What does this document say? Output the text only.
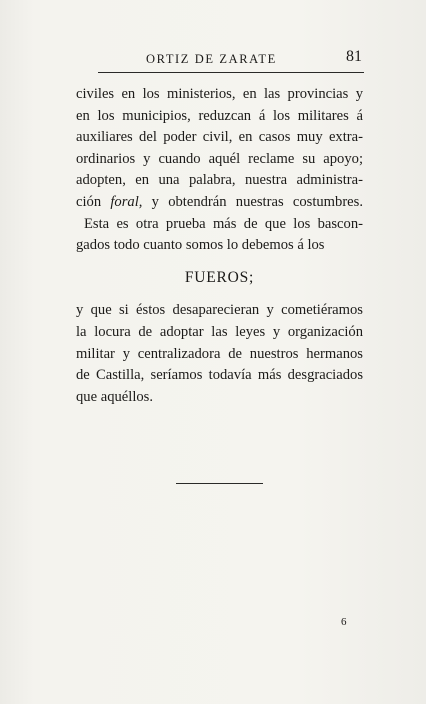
ORTIZ DE ZARATE	81
civiles en los ministerios, en las provincias y
en los municipios, reduzcan á los militares á
auxiliares del poder civil, en casos muy extra-
ordinarios y cuando aquél reclame su apoyo;
adopten, en una palabra, nuestra administra-
ción foral, y obtendrán nuestras costumbres.
Esta es otra prueba más de que los bascon-
gados todo cuanto somos lo debemos á los
FUEROS;
y que si éstos desaparecieran y cometiéramos
la locura de adoptar las leyes y organización
militar y centralizadora de nuestros hermanos
de Castilla, seríamos todavía más desgraciados
que aquéllos.
6
